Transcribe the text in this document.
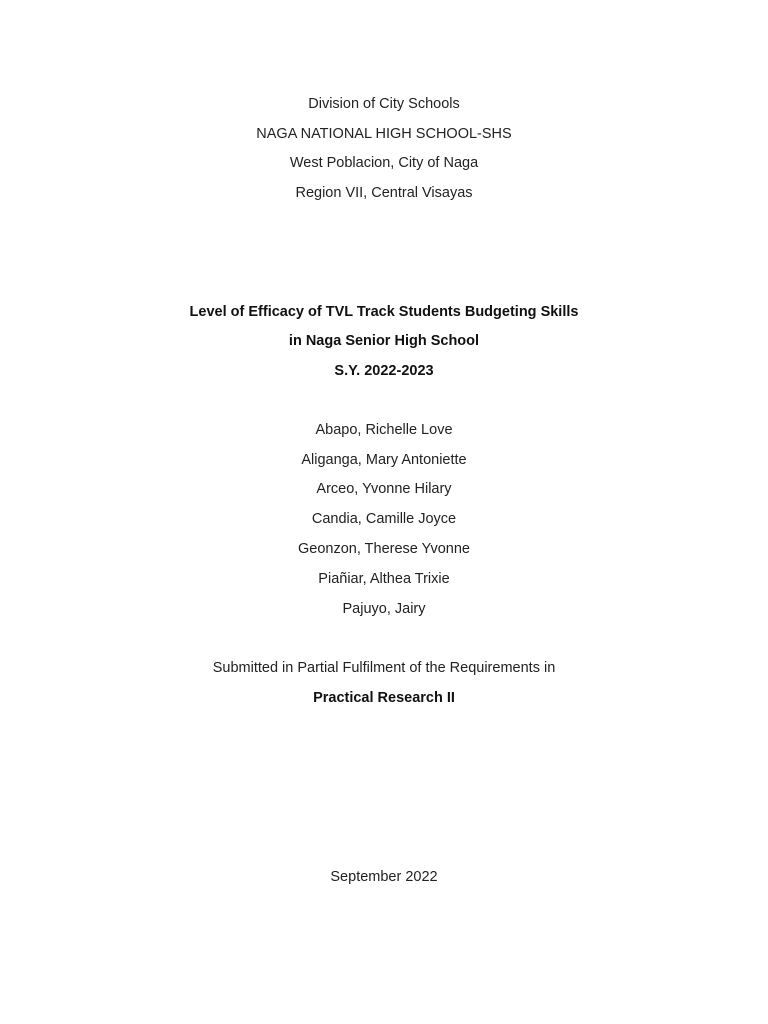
Division of City Schools
NAGA NATIONAL HIGH SCHOOL-SHS
West Poblacion, City of Naga
Region VII, Central Visayas
Level of Efficacy of TVL Track Students Budgeting Skills
in Naga Senior High School
S.Y. 2022-2023
Abapo, Richelle Love
Aliganga, Mary Antoniette
Arceo, Yvonne Hilary
Candia, Camille Joyce
Geonzon, Therese Yvonne
Piañiar, Althea Trixie
Pajuyo, Jairy
Submitted in Partial Fulfilment of the Requirements in
Practical Research II
September 2022
